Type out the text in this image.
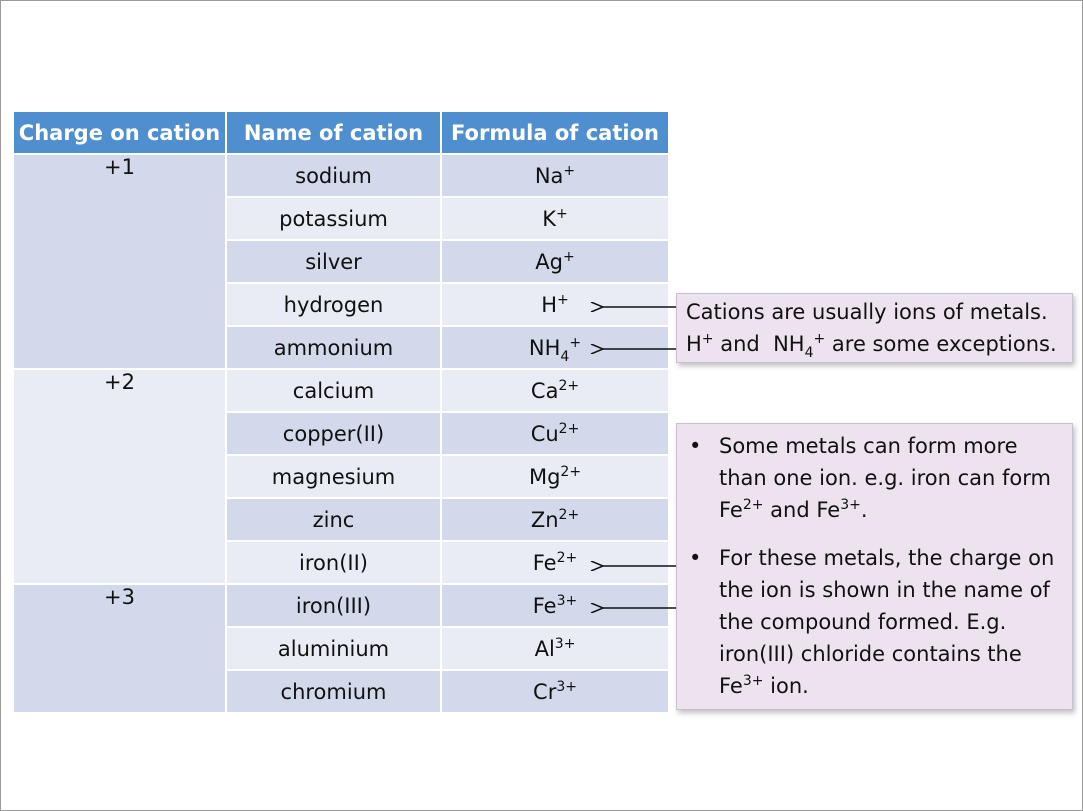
Charge on cation	Name of cation	Formula of cation
+1	sodium	Na+
	potassium	K+
	silver	Ag+
	hydrogen	H+
	ammonium	$NH_4^+$
+2	calcium	$Ca^{2+}$
	copper(II)	$Cu^{2+}$
	magnesium	$Mg^{2+}$
	zinc	$Zn^{2+}$
	iron(II)	$Fe^{2+}$
+3	iron(III)	$Fe^{3+}$
	aluminium	$Al^{3+}$
	chromium	$Cr^{3+}$
Cations are usually ions of metals.
H+ and  $NH_4^+$ are some exceptions.
• Some metals can form more than one ion. e.g. iron can form $Fe^{2+}$ and $Fe^{3+}$.
• For these metals, the charge on the ion is shown in the name of the compound formed. E.g. iron(III) chloride contains the $Fe^{3+}$ ion.
